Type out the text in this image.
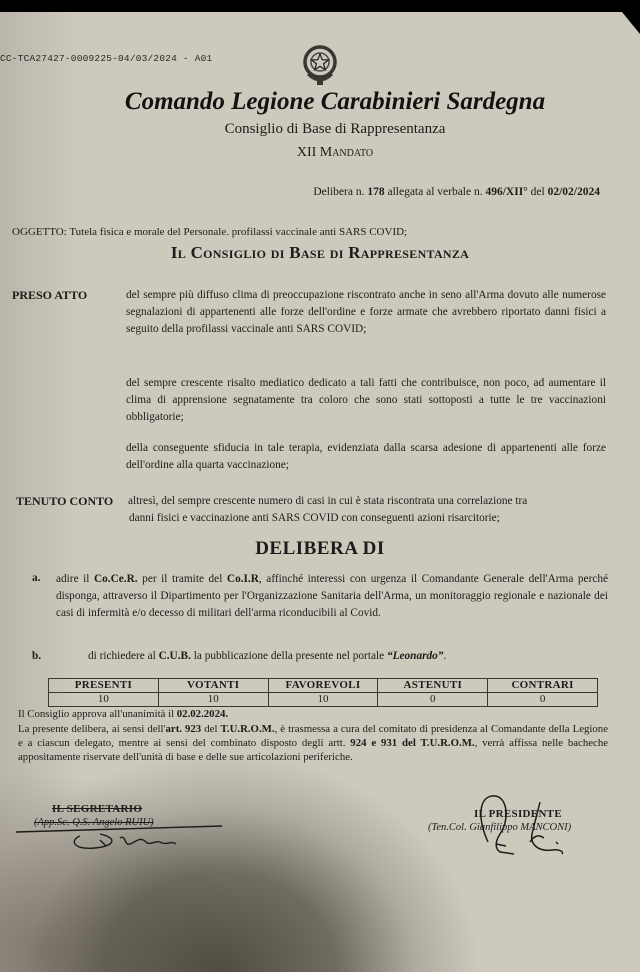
CC-TCA27427-0009225-04/03/2024 - A01
Comando Legione Carabinieri Sardegna
Consiglio di Base di Rappresentanza
XII Mandato
Delibera n. 178 allegata al verbale n. 496/XII° del 02/02/2024
OGGETTO: Tutela fisica e morale del Personale. profilassi vaccinale anti SARS COVID;
Il Consiglio di Base di Rappresentanza
PRESO ATTO	del sempre più diffuso clima di preoccupazione riscontrato anche in seno all'Arma dovuto alle numerose segnalazioni di appartenenti alle forze dell'ordine e forze armate che avrebbero riportato danni fisici a seguito della profilassi vaccinale anti SARS COVID;
del sempre crescente risalto mediatico dedicato a tali fatti che contribuisce, non poco, ad aumentare il clima di apprensione segnatamente tra coloro che sono stati sottoposti a tutte le tre vaccinazioni obbligatorie;
della conseguente sfiducia in tale terapia, evidenziata dalla scarsa adesione di appartenenti alle forze dell'ordine alla quarta vaccinazione;
TENUTO CONTO altresì, del sempre crescente numero di casi in cui è stata riscontrata una correlazione tra
danni fisici e vaccinazione anti SARS COVID con conseguenti azioni risarcitorie;
DELIBERA DI
a. adire il Co.Ce.R. per il tramite del Co.I.R, affinché interessi con urgenza il Comandante Generale dell'Arma perché disponga, attraverso il Dipartimento per l'Organizzazione Sanitaria dell'Arma, un monitoraggio regionale e nazionale dei casi di infermità e/o decesso di militari dell'arma riconducibili al Covid.
b.	di richiedere al C.U.B. la pubblicazione della presente nel portale “Leonardo”.
PRESENTI	VOTANTI	FAVOREVOLI	ASTENUTI	CONTRARI
10	10	10	0	0
Il Consiglio approva all'unanimità il 02.02.2024.
La presente delibera, ai sensi dell'art. 923 del T.U.R.O.M., è trasmessa a cura del comitato di presidenza al Comandante della Legione e a ciascun delegato, mentre ai sensi del combinato disposto degli artt. 924 e 931 del T.U.R.O.M., verrà affissa nelle bacheche appositamente riservate dell'unità di base e delle sue articolazioni periferiche.
IL SEGRETARIO
(App.Sc. Q.S. Angelo RUIU)
IL PRESIDENTE
(Ten.Col. Gianfilippo MANCONI)
